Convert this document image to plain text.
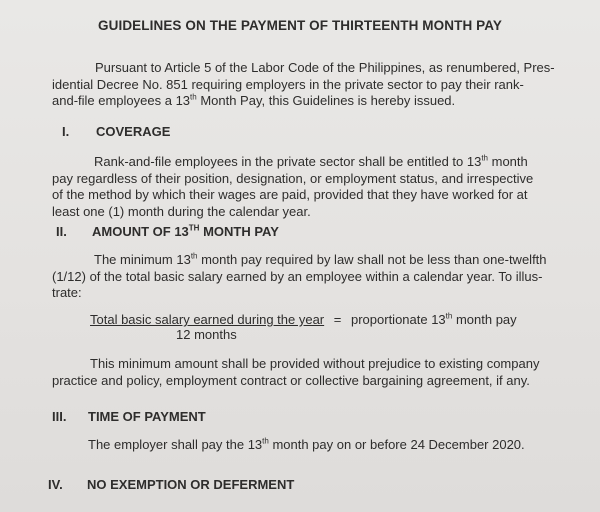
GUIDELINES ON THE PAYMENT OF THIRTEENTH MONTH PAY
Pursuant to Article 5 of the Labor Code of the Philippines, as renumbered, Pres-
idential Decree No. 851 requiring employers in the private sector to pay their rank-
and-file employees a 13th Month Pay, this Guidelines is hereby issued.
I. COVERAGE
Rank-and-file employees in the private sector shall be entitled to 13th month
pay regardless of their position, designation, or employment status, and irrespective
of the method by which their wages are paid, provided that they have worked for at
least one (1) month during the calendar year.
II. AMOUNT OF 13TH MONTH PAY
The minimum 13th month pay required by law shall not be less than one-twelfth
(1/12) of the total basic salary earned by an employee within a calendar year. To illus-
trate:
Total basic salary earned during the year = proportionate 13th month pay
12 months
This minimum amount shall be provided without prejudice to existing company
practice and policy, employment contract or collective bargaining agreement, if any.
III. TIME OF PAYMENT
The employer shall pay the 13th month pay on or before 24 December 2020.
IV. NO EXEMPTION OR DEFERMENT
